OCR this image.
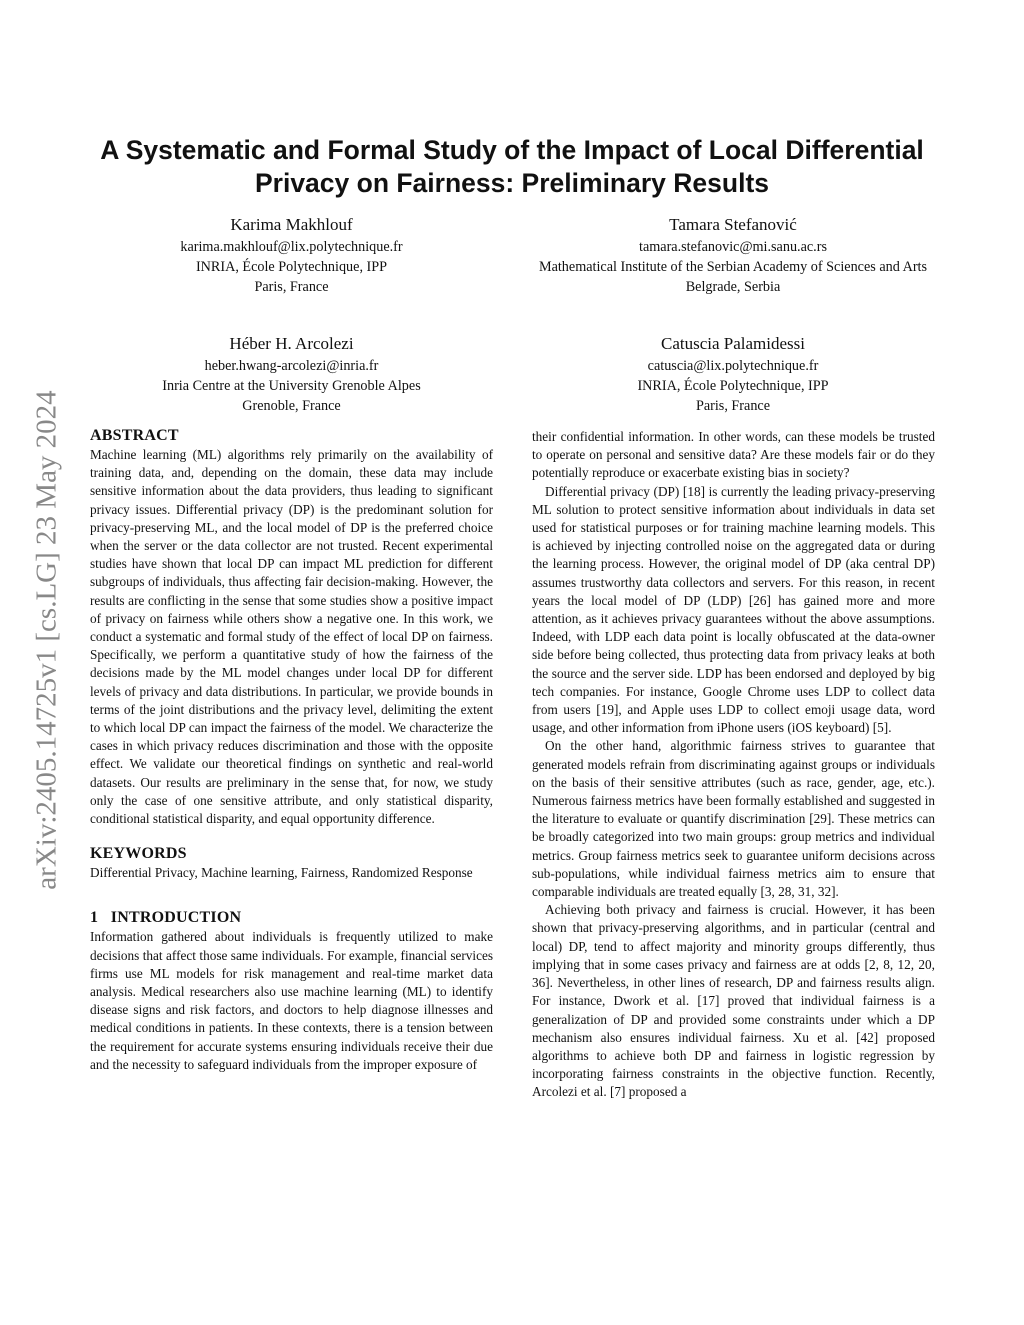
arXiv:2405.14725v1 [cs.LG] 23 May 2024
A Systematic and Formal Study of the Impact of Local Differential Privacy on Fairness: Preliminary Results
Karima Makhlouf
karima.makhlouf@lix.polytechnique.fr
INRIA, École Polytechnique, IPP
Paris, France
Tamara Stefanović
tamara.stefanovic@mi.sanu.ac.rs
Mathematical Institute of the Serbian Academy of Sciences and Arts
Belgrade, Serbia
Héber H. Arcolezi
heber.hwang-arcolezi@inria.fr
Inria Centre at the University Grenoble Alpes
Grenoble, France
Catuscia Palamidessi
catuscia@lix.polytechnique.fr
INRIA, École Polytechnique, IPP
Paris, France
ABSTRACT

Machine learning (ML) algorithms rely primarily on the availability of training data, and, depending on the domain, these data may include sensitive information about the data providers, thus leading to significant privacy issues. Differential privacy (DP) is the predominant solution for privacy-preserving ML, and the local model of DP is the preferred choice when the server or the data collector are not trusted. Recent experimental studies have shown that local DP can impact ML prediction for different subgroups of individuals, thus affecting fair decision-making. However, the results are conflicting in the sense that some studies show a positive impact of privacy on fairness while others show a negative one. In this work, we conduct a systematic and formal study of the effect of local DP on fairness. Specifically, we perform a quantitative study of how the fairness of the decisions made by the ML model changes under local DP for different levels of privacy and data distributions. In particular, we provide bounds in terms of the joint distributions and the privacy level, delimiting the extent to which local DP can impact the fairness of the model. We characterize the cases in which privacy reduces discrimination and those with the opposite effect. We validate our theoretical findings on synthetic and real-world datasets. Our results are preliminary in the sense that, for now, we study only the case of one sensitive attribute, and only statistical disparity, conditional statistical disparity, and equal opportunity difference.

KEYWORDS

Differential Privacy, Machine learning, Fairness, Randomized Response

1   INTRODUCTION

Information gathered about individuals is frequently utilized to make decisions that affect those same individuals. For example, financial services firms use ML models for risk management and real-time market data analysis. Medical researchers also use machine learning (ML) to identify disease signs and risk factors, and doctors to help diagnose illnesses and medical conditions in patients. In these contexts, there is a tension between the requirement for accurate systems ensuring individuals receive their due and the necessity to safeguard individuals from the improper exposure of

their confidential information. In other words, can these models be trusted to operate on personal and sensitive data? Are these models fair or do they potentially reproduce or exacerbate existing bias in society?

Differential privacy (DP) [18] is currently the leading privacy-preserving ML solution to protect sensitive information about individuals in data set used for statistical purposes or for training machine learning models. This is achieved by injecting controlled noise on the aggregated data or during the learning process. However, the original model of DP (aka central DP) assumes trustworthy data collectors and servers. For this reason, in recent years the local model of DP (LDP) [26] has gained more and more attention, as it achieves privacy guarantees without the above assumptions. Indeed, with LDP each data point is locally obfuscated at the data-owner side before being collected, thus protecting data from privacy leaks at both the source and the server side. LDP has been endorsed and deployed by big tech companies. For instance, Google Chrome uses LDP to collect data from users [19], and Apple uses LDP to collect emoji usage data, word usage, and other information from iPhone users (iOS keyboard) [5].

On the other hand, algorithmic fairness strives to guarantee that generated models refrain from discriminating against groups or individuals on the basis of their sensitive attributes (such as race, gender, age, etc.). Numerous fairness metrics have been formally established and suggested in the literature to evaluate or quantify discrimination [29]. These metrics can be broadly categorized into two main groups: group metrics and individual metrics. Group fairness metrics seek to guarantee uniform decisions across sub-populations, while individual fairness metrics aim to ensure that comparable individuals are treated equally [3, 28, 31, 32].

Achieving both privacy and fairness is crucial. However, it has been shown that privacy-preserving algorithms, and in particular (central and local) DP, tend to affect majority and minority groups differently, thus implying that in some cases privacy and fairness are at odds [2, 8, 12, 20, 36]. Nevertheless, in other lines of research, DP and fairness results align. For instance, Dwork et al. [17] proved that individual fairness is a generalization of DP and provided some constraints under which a DP mechanism also ensures individual fairness. Xu et al. [42] proposed algorithms to achieve both DP and fairness in logistic regression by incorporating fairness constraints in the objective function. Recently, Arcolezi et al. [7] proposed a
